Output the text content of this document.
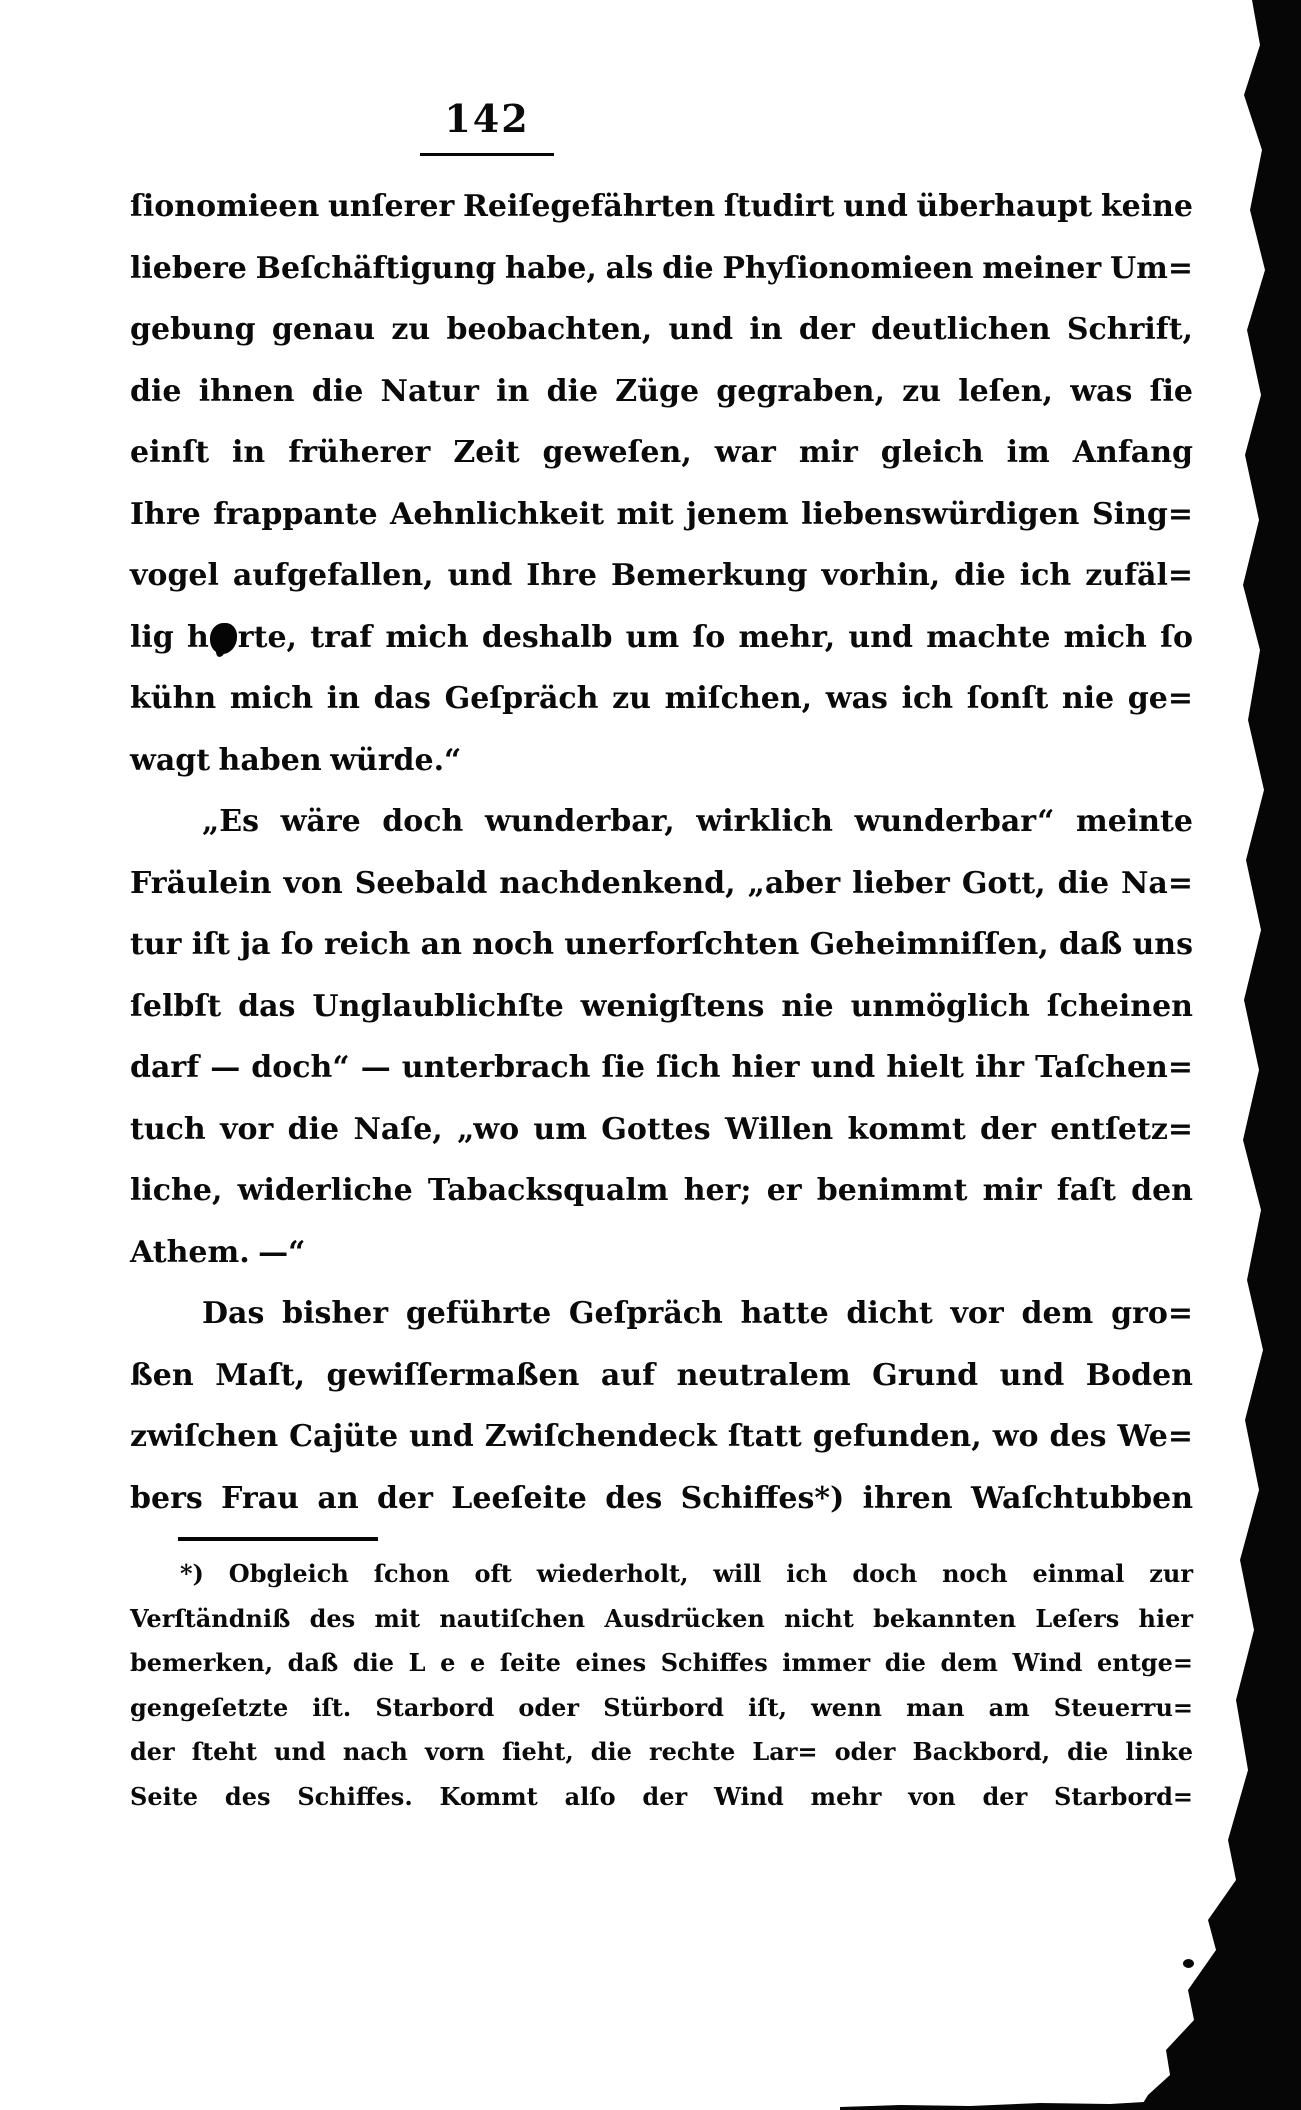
142
ſionomieen unſerer Reiſegefährten ſtudirt und überhaupt keine
liebere Beſchäftigung habe, als die Phyſionomieen meiner Um=
gebung genau zu beobachten, und in der deutlichen Schrift,
die ihnen die Natur in die Züge gegraben, zu leſen, was ſie
einſt in früherer Zeit geweſen, war mir gleich im Anfang
Ihre frappante Aehnlichkeit mit jenem liebenswürdigen Sing=
vogel aufgefallen, und Ihre Bemerkung vorhin, die ich zufäl=
lig h rte, traf mich deshalb um ſo mehr, und machte mich ſo
kühn mich in das Geſpräch zu miſchen, was ich ſonſt nie ge=
wagt haben würde.“
„Es wäre doch wunderbar, wirklich wunderbar“ meinte
Fräulein von Seebald nachdenkend, „aber lieber Gott, die Na=
tur iſt ja ſo reich an noch unerforſchten Geheimniſſen, daß uns
ſelbſt das Unglaublichſte wenigſtens nie unmöglich ſcheinen
darf — doch“ — unterbrach ſie ſich hier und hielt ihr Taſchen=
tuch vor die Naſe, „wo um Gottes Willen kommt der entſetz=
liche, widerliche Tabacksqualm her; er benimmt mir faſt den
Athem. —“
Das bisher geführte Geſpräch hatte dicht vor dem gro=
ßen Maſt, gewiſſermaßen auf neutralem Grund und Boden
zwiſchen Cajüte und Zwiſchendeck ſtatt gefunden, wo des We=
bers Frau an der Leeſeite des Schiffes*) ihren Waſchtubben
*) Obgleich ſchon oft wiederholt, will ich doch noch einmal zur
Verſtändniß des mit nautiſchen Ausdrücken nicht bekannten Leſers hier
bemerken, daß die L e e ſeite eines Schiffes immer die dem Wind entge=
gengeſetzte iſt. Starbord oder Stürbord iſt, wenn man am Steuerru=
der ſteht und nach vorn ſieht, die rechte Lar= oder Backbord, die linke
Seite des Schiffes. Kommt alſo der Wind mehr von der Starbord=
